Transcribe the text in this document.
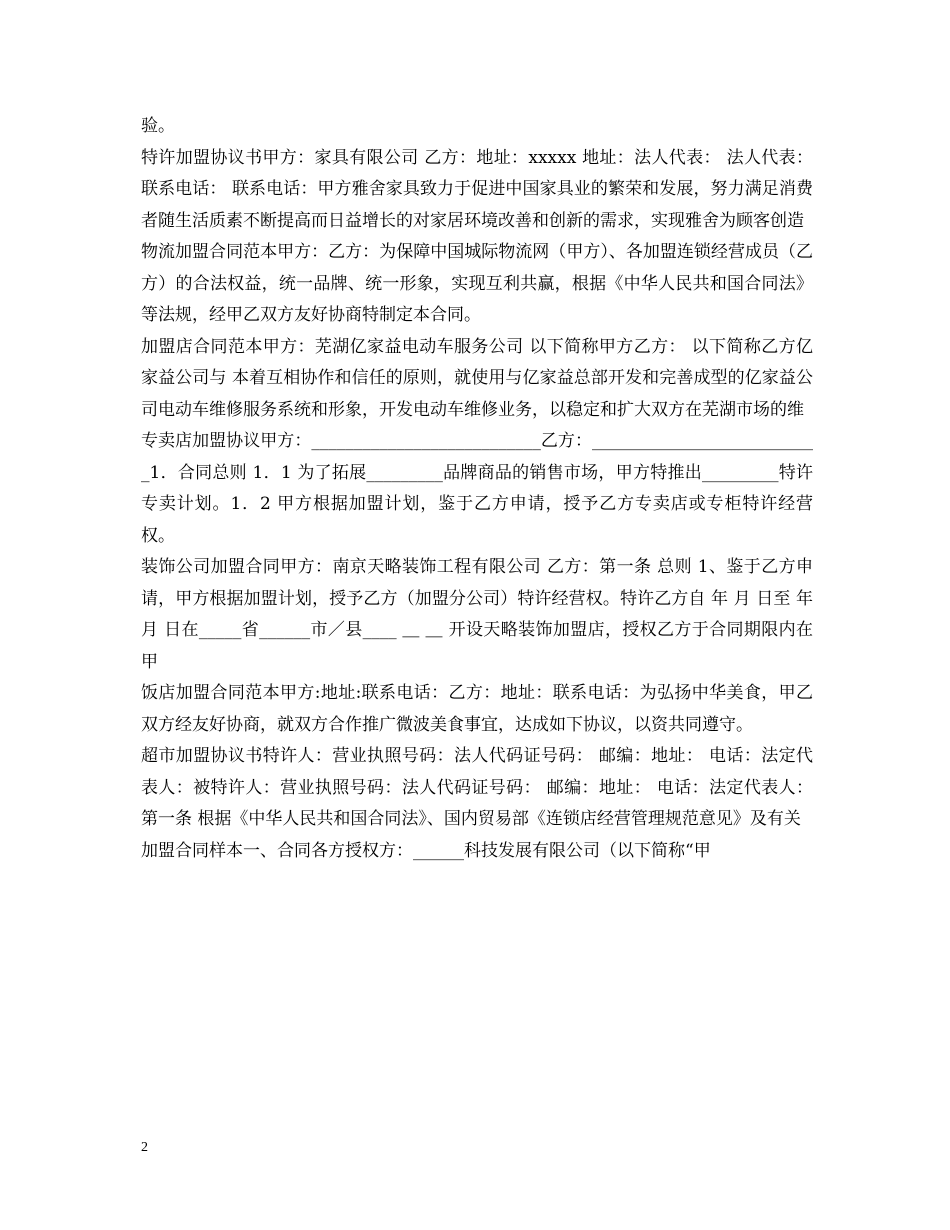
验。

特许加盟协议书甲方：家具有限公司 乙方：地址：xxxxx 地址：法人代表： 法人代表：联系电话： 联系电话：甲方雅舍家具致力于促进中国家具业的繁荣和发展，努力满足消费者随生活质素不断提高而日益增长的对家居环境改善和创新的需求，实现雅舍为顾客创造

物流加盟合同范本甲方：乙方：为保障中国城际物流网（甲方）、各加盟连锁经营成员（乙方）的合法权益，统一品牌、统一形象，实现互利共赢，根据《中华人民共和国合同法》等法规，经甲乙双方友好协商特制定本合同。

加盟店合同范本甲方：芜湖亿家益电动车服务公司 以下简称甲方乙方： 以下简称乙方亿家益公司与 本着互相协作和信任的原则，就使用与亿家益总部开发和完善成型的亿家益公司电动车维修服务系统和形象，开发电动车维修业务，以稳定和扩大双方在芜湖市场的维

专卖店加盟协议甲方：___________________________乙方：___________________________1．合同总则 1．1 为了拓展_________品牌商品的销售市场，甲方特推出_________特许专卖计划。1．2 甲方根据加盟计划，鉴于乙方申请，授予乙方专卖店或专柜特许经营权。

装饰公司加盟合同甲方：南京天略装饰工程有限公司 乙方：第一条 总则 1、鉴于乙方申请，甲方根据加盟计划，授予乙方（加盟分公司）特许经营权。特许乙方自 年 月 日至 年 月 日在_____省______市／县____ ＿ ＿ 开设天略装饰加盟店，授权乙方于合同期限内在甲

饭店加盟合同范本甲方:地址:联系电话：乙方：地址：联系电话：为弘扬中华美食，甲乙双方经友好协商，就双方合作推广微波美食事宜，达成如下协议，以资共同遵守。

超市加盟协议书特许人：营业执照号码：法人代码证号码： 邮编：地址： 电话：法定代表人：被特许人：营业执照号码：法人代码证号码： 邮编：地址： 电话：法定代表人：第一条 根据《中华人民共和国合同法》、国内贸易部《连锁店经营管理规范意见》及有关

加盟合同样本一、合同各方授权方：______科技发展有限公司（以下简称“甲

2
